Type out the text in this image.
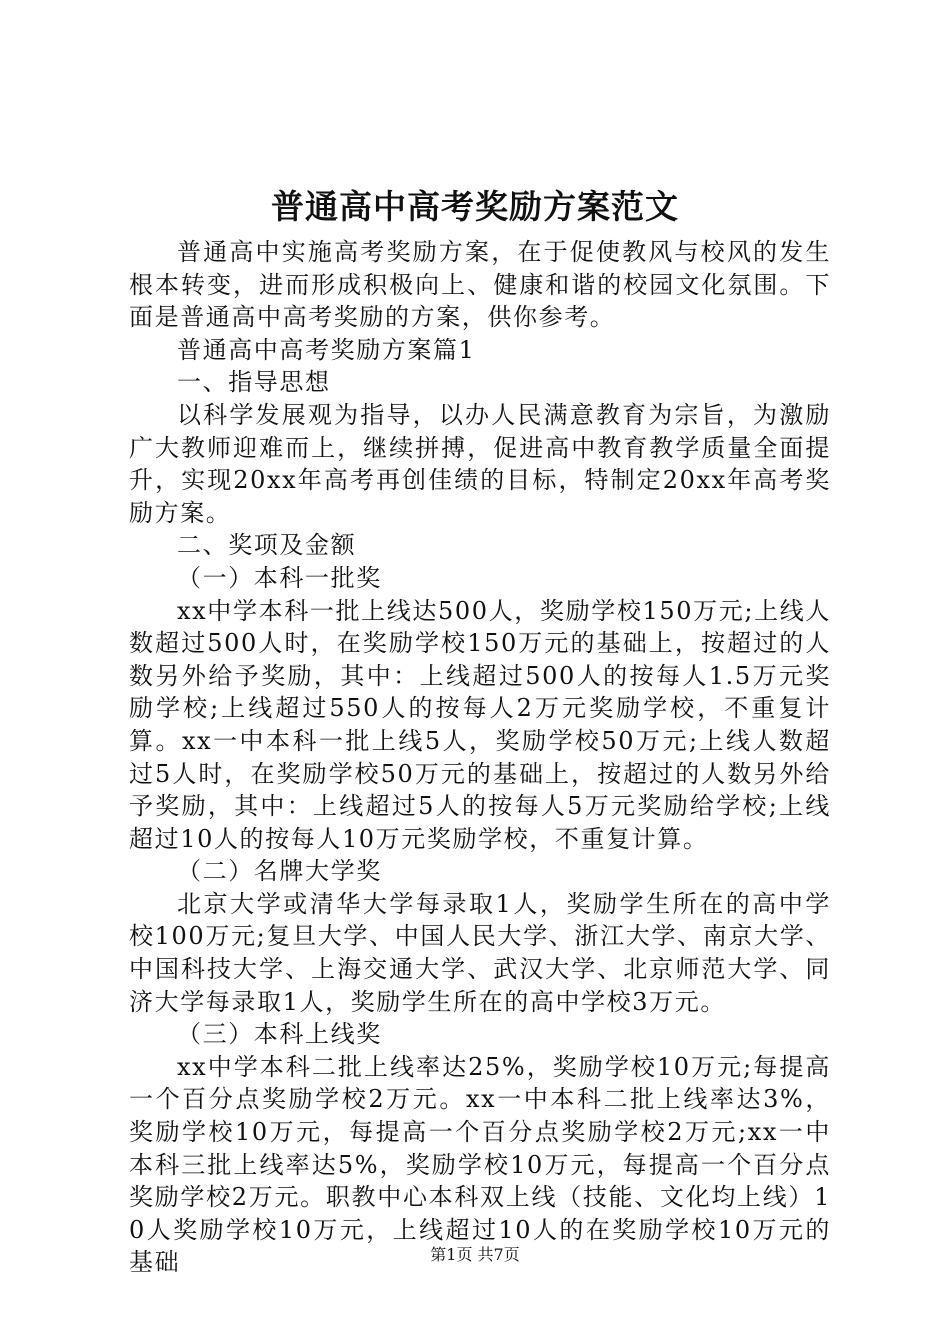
普通高中高考奖励方案范文

普通高中实施高考奖励方案，在于促使教风与校风的发生根本转变，进而形成积极向上、健康和谐的校园文化氛围。下面是普通高中高考奖励的方案，供你参考。

普通高中高考奖励方案篇1

一、指导思想

以科学发展观为指导，以办人民满意教育为宗旨，为激励广大教师迎难而上，继续拼搏，促进高中教育教学质量全面提升，实现20xx年高考再创佳绩的目标，特制定20xx年高考奖励方案。

二、奖项及金额

（一）本科一批奖

xx中学本科一批上线达500人，奖励学校150万元;上线人数超过500人时，在奖励学校150万元的基础上，按超过的人数另外给予奖励，其中：上线超过500人的按每人1.5万元奖励学校;上线超过550人的按每人2万元奖励学校，不重复计算。xx一中本科一批上线5人，奖励学校50万元;上线人数超过5人时，在奖励学校50万元的基础上，按超过的人数另外给予奖励，其中：上线超过5人的按每人5万元奖励给学校;上线超过10人的按每人10万元奖励学校，不重复计算。

（二）名牌大学奖

北京大学或清华大学每录取1人，奖励学生所在的高中学校100万元;复旦大学、中国人民大学、浙江大学、南京大学、中国科技大学、上海交通大学、武汉大学、北京师范大学、同济大学每录取1人，奖励学生所在的高中学校3万元。

（三）本科上线奖

xx中学本科二批上线率达25%，奖励学校10万元;每提高一个百分点奖励学校2万元。xx一中本科二批上线率达3%，奖励学校10万元，每提高一个百分点奖励学校2万元;xx一中本科三批上线率达5%，奖励学校10万元，每提高一个百分点奖励学校2万元。职教中心本科双上线（技能、文化均上线）10人奖励学校10万元，上线超过10人的在奖励学校10万元的基础	第1页 共7页
